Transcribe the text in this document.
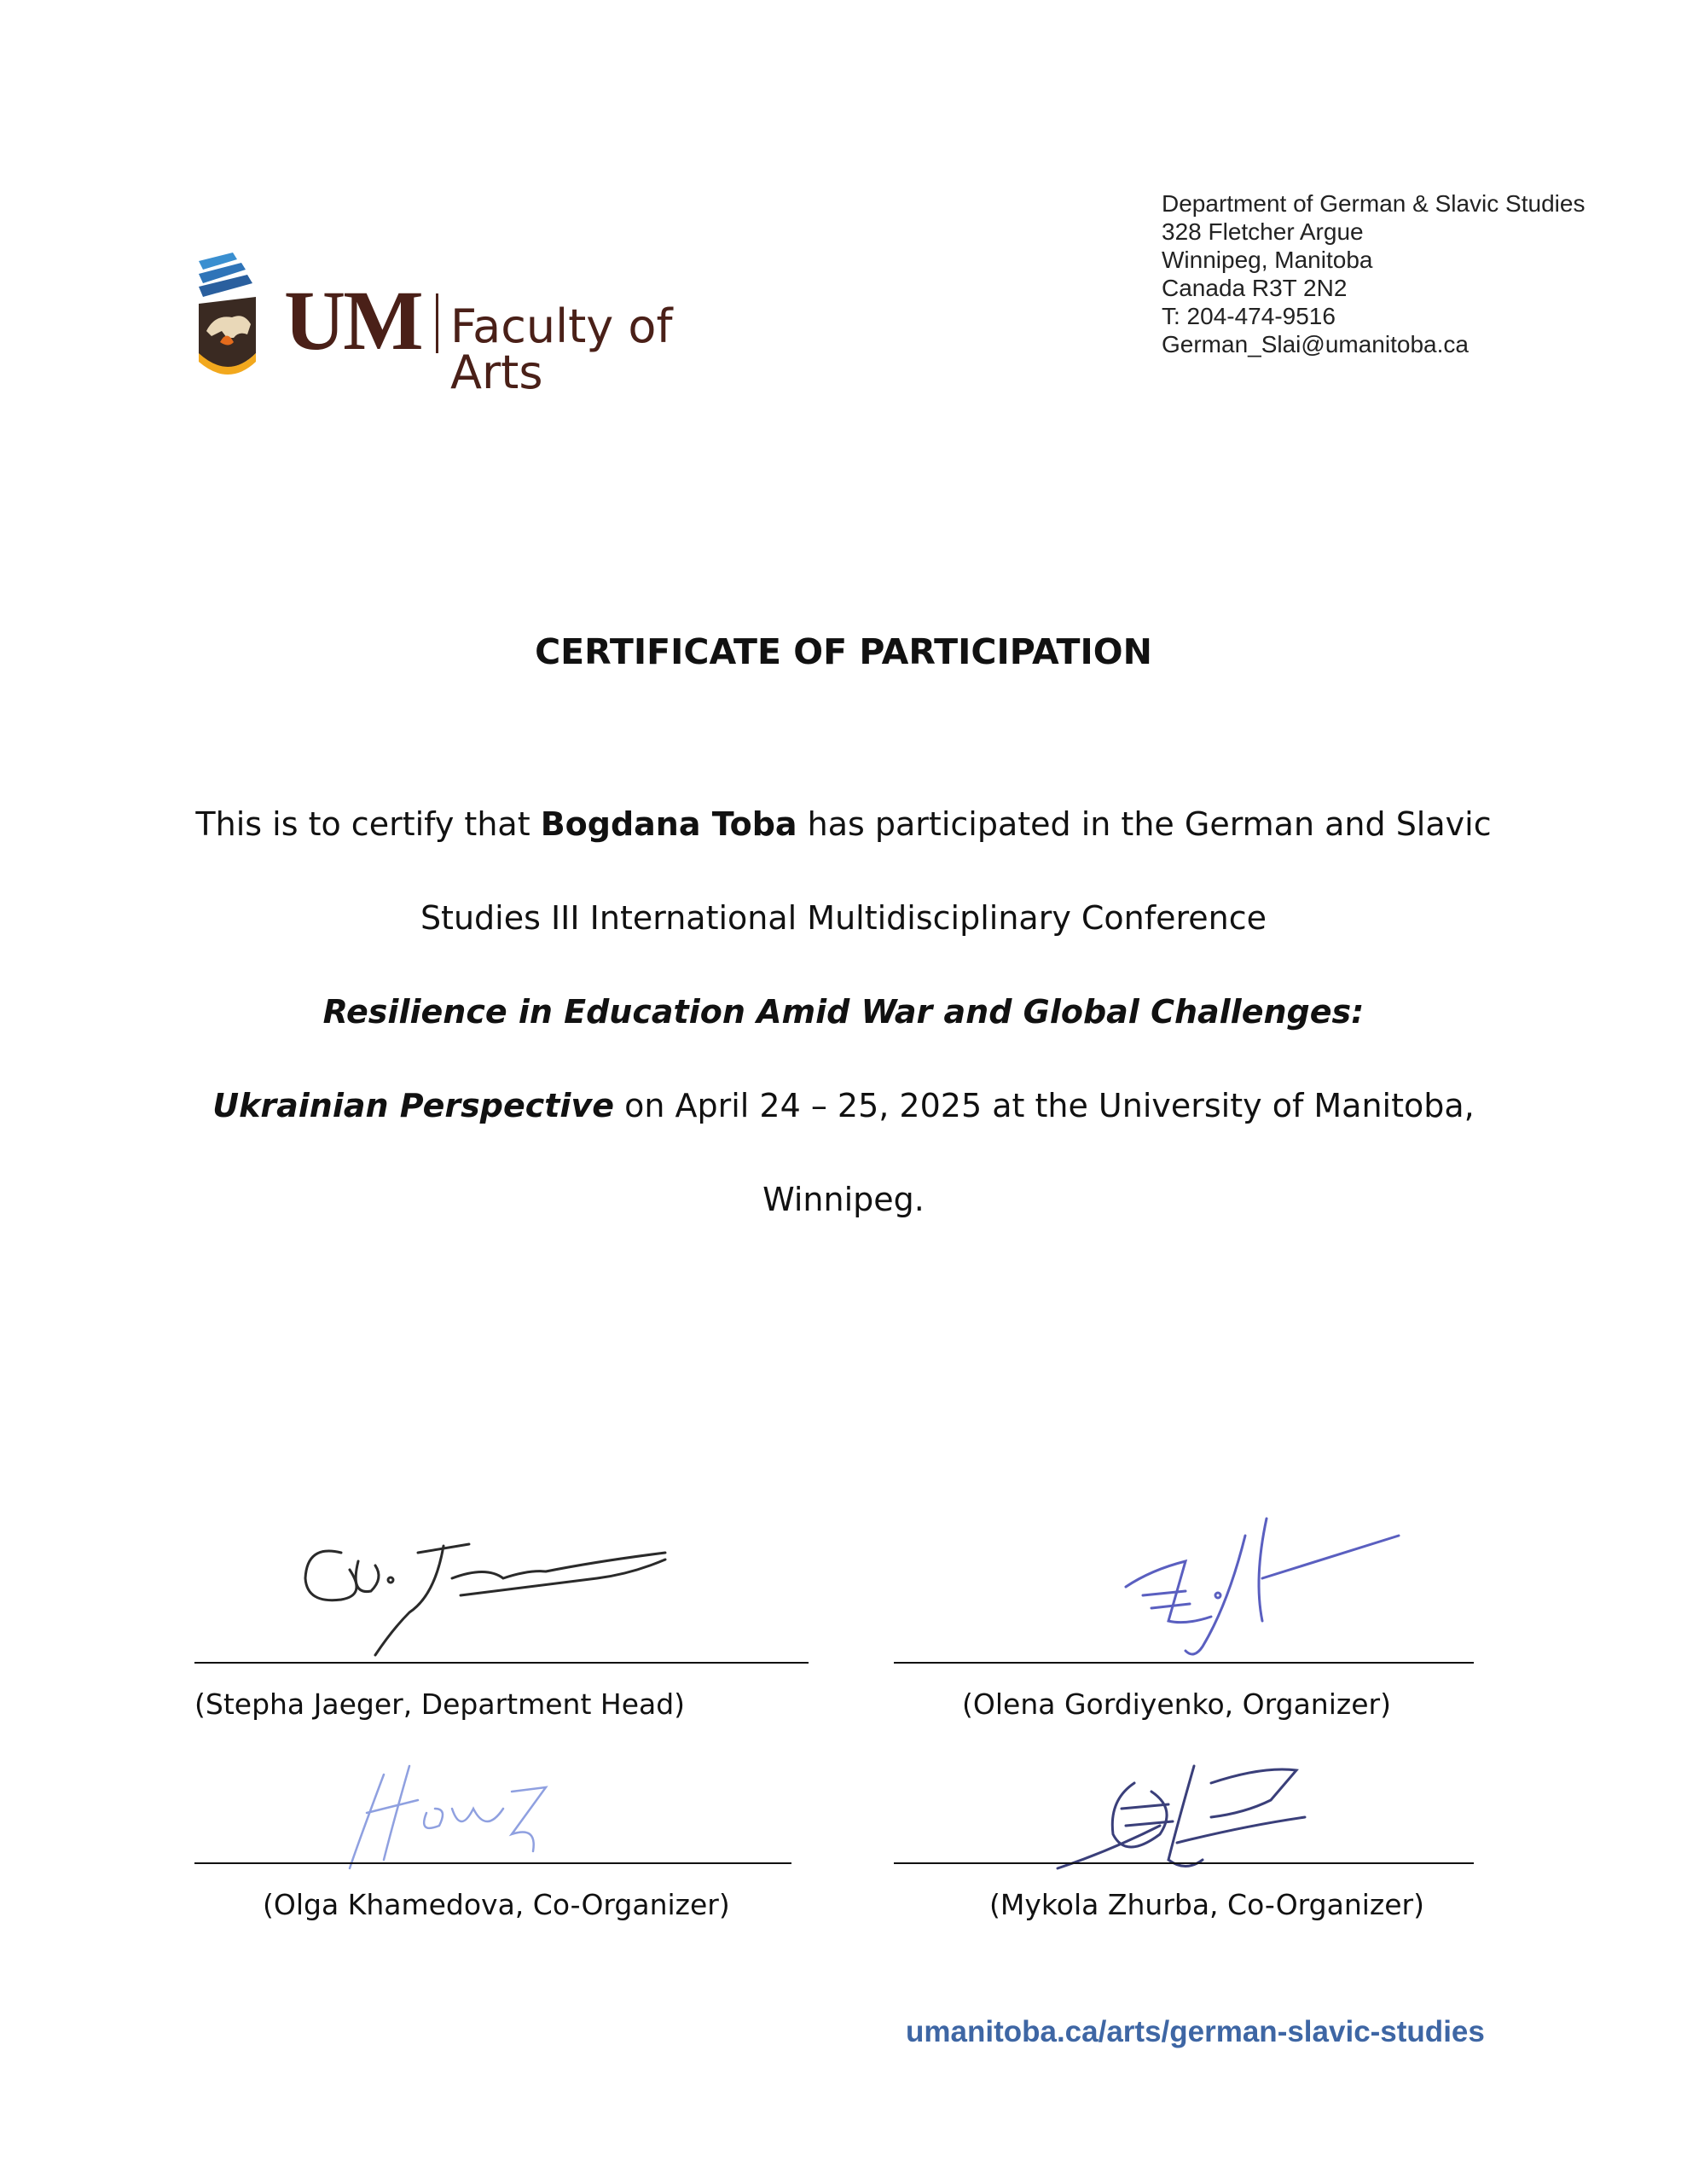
UM Faculty of Arts
Department of German & Slavic Studies
328 Fletcher Argue
Winnipeg, Manitoba
Canada R3T 2N2
T: 204-474-9516
German_Slai@umanitoba.ca
CERTIFICATE OF PARTICIPATION
This is to certify that Bogdana Toba has participated in the German and Slavic
Studies III International Multidisciplinary Conference
Resilience in Education Amid War and Global Challenges:
Ukrainian Perspective on April 24 – 25, 2025 at the University of Manitoba,
Winnipeg.
(Stepha Jaeger, Department Head)	(Olena Gordiyenko, Organizer)
(Olga Khamedova, Co-Organizer)	(Mykola Zhurba, Co-Organizer)
umanitoba.ca/arts/german-slavic-studies
